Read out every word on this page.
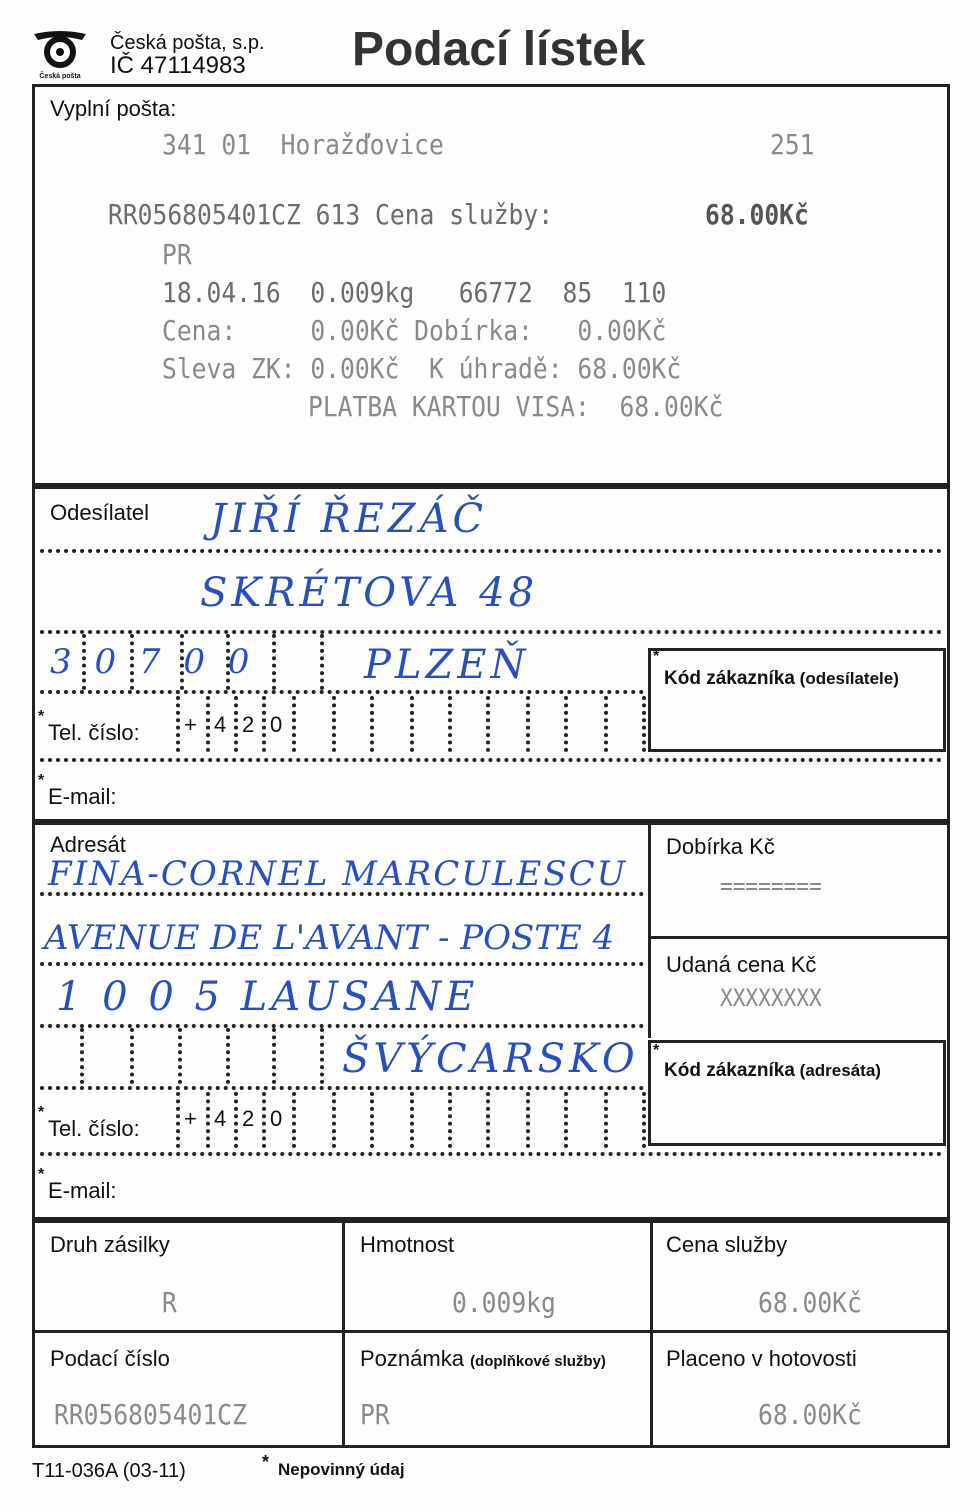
Česká pošta
Česká pošta, s.p.
IČ 47114983 Podací lístek
Vyplní pošta:
341 01  Horažďovice	251
RR056805401CZ 613 Cena služby:	68.00Kč
PR
18.04.16  0.009kg   66772  85  110
Cena:     0.00Kč Dobírka:   0.00Kč
Sleva ZK: 0.00Kč  K úhradě: 68.00Kč
PLATBA KARTOU VISA:  68.00Kč
Odesílatel JIŘÍ ŘEZÁČ
SKRÉTOVA 48
3 0 7 0 0	PLZEŇ	*
Kód zákazníka (odesílatele)
*
Tel. číslo: + 4 2 0
*
E-mail:
Adresát
FINA-CORNEL MARCULESCU
AVENUE DE L'AVANT - POSTE 4
1 0 0 5 LAUSANE
ŠVÝCARSKO
Dobírka Kč
========
Udaná cena Kč
XXXXXXXX
*
Kód zákazníka (adresáta)
*
Tel. číslo: + 4 2 0
*
E-mail:
Druh zásilky
R
Hmotnost
0.009kg
Cena služby
68.00Kč
Podací číslo
RR056805401CZ
Poznámka (doplňkové služby)
PR
Placeno v hotovosti
68.00Kč
T11-036A (03-11)	* Nepovinný údaj
